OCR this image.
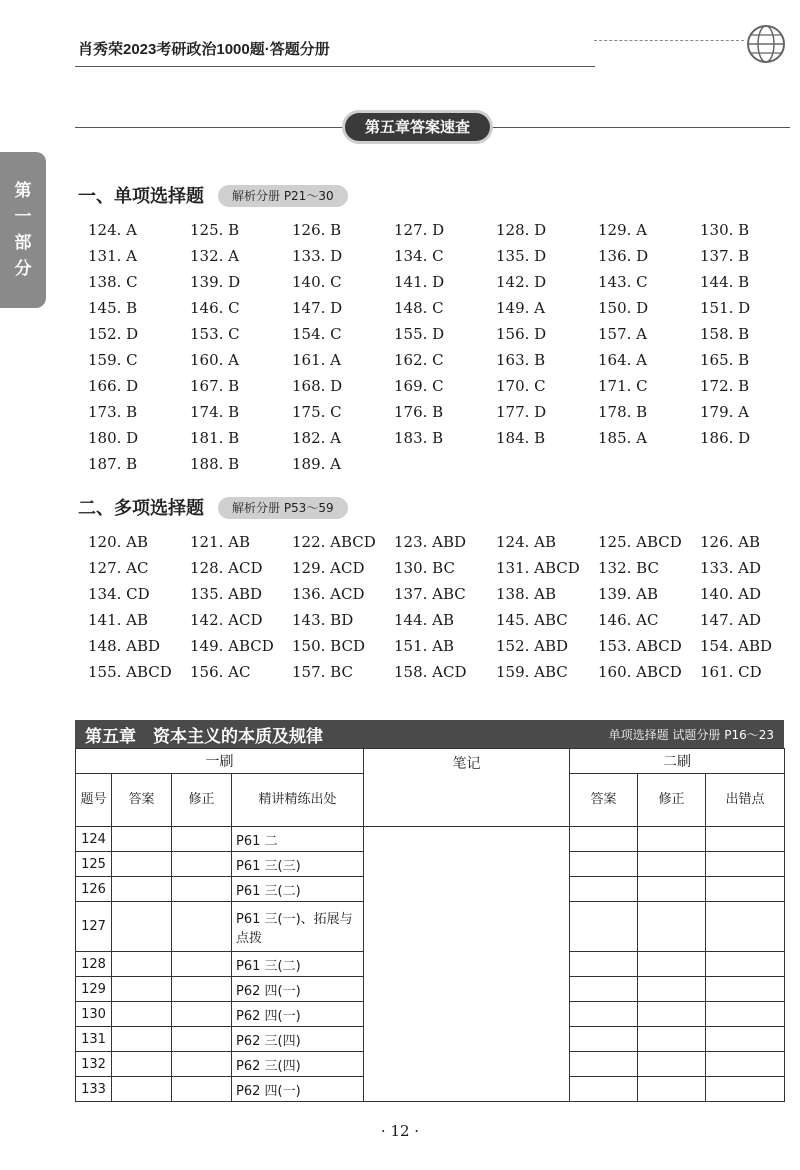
肖秀荣2023考研政治1000题·答题分册
第
一
部
分
第五章答案速查
一、单项选择题 解析分册 P21～30
124. A	125. B	126. B	127. D	128. D	129. A	130. B
131. A	132. A	133. D	134. C	135. D	136. D	137. B
138. C	139. D	140. C	141. D	142. D	143. C	144. B
145. B	146. C	147. D	148. C	149. A	150. D	151. D
152. D	153. C	154. C	155. D	156. D	157. A	158. B
159. C	160. A	161. A	162. C	163. B	164. A	165. B
166. D	167. B	168. D	169. C	170. C	171. C	172. B
173. B	174. B	175. C	176. B	177. D	178. B	179. A
180. D	181. B	182. A	183. B	184. B	185. A	186. D
187. B	188. B	189. A
二、多项选择题 解析分册 P53～59
120. AB	121. AB	122. ABCD	123. ABD	124. AB	125. ABCD	126. AB
127. AC	128. ACD	129. ACD	130. BC	131. ABCD	132. BC	133. AD
134. CD	135. ABD	136. ACD	137. ABC	138. AB	139. AB	140. AD
141. AB	142. ACD	143. BD	144. AB	145. ABC	146. AC	147. AD
148. ABD	149. ABCD	150. BCD	151. AB	152. ABD	153. ABCD	154. ABD
155. ABCD	156. AC	157. BC	158. ACD	159. ABC	160. ABCD	161. CD
第五章　资本主义的本质及规律	单项选择题 试题分册 P16～23
一刷				笔记	二刷		
题号	答案	修正	精讲精练出处		答案	修正	出错点
124			P61 二				
125			P61 三(三)				
126			P61 三(二)				
127			P61 三(一)、拓展与点拨				
128			P61 三(二)				
129			P62 四(一)				
130			P62 四(一)				
131			P62 三(四)				
132			P62 三(四)				
133			P62 四(一)				
· 12 ·
